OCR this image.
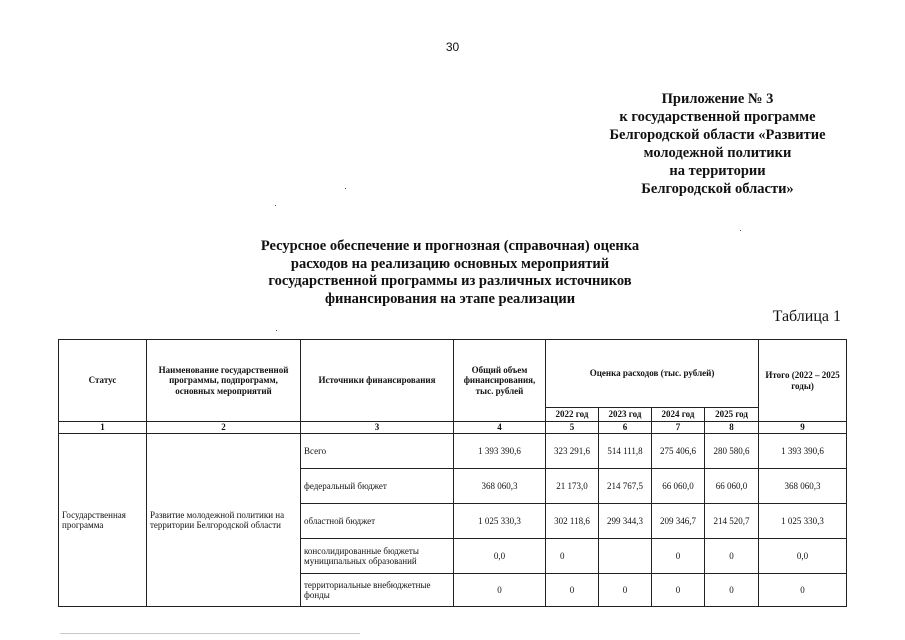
30
Приложение № 3
к государственной программе
Белгородской области «Развитие
молодежной политики
на территории
Белгородской области»
Ресурсное обеспечение и прогнозная (справочная) оценка
расходов на реализацию основных мероприятий
государственной программы из различных источников
финансирования на этапе реализации
Таблица 1
Статус	Наименование государственной программы, подпрограмм, основных мероприятий	Источники финансирования	Общий объем финансирования, тыс. рублей	Оценка расходов (тыс. рублей)				Итого (2022 – 2025 годы)
				2022 год	2023 год	2024 год	2025 год	
1	2	3	4	5	6	7	8	9
Государственная программа	Развитие молодежной политики на территории Белгородской области	Всего	1 393 390,6	323 291,6	514 111,8	275 406,6	280 580,6	1 393 390,6
		федеральный бюджет	368 060,3	21 173,0	214 767,5	66 060,0	66 060,0	368 060,3
		областной бюджет	1 025 330,3	302 118,6	299 344,3	209 346,7	214 520,7	1 025 330,3
		консолидированные бюджеты муниципальных образований	0,0	0		0	0	0,0
		территориальные внебюджетные фонды	0	0	0	0	0	0
